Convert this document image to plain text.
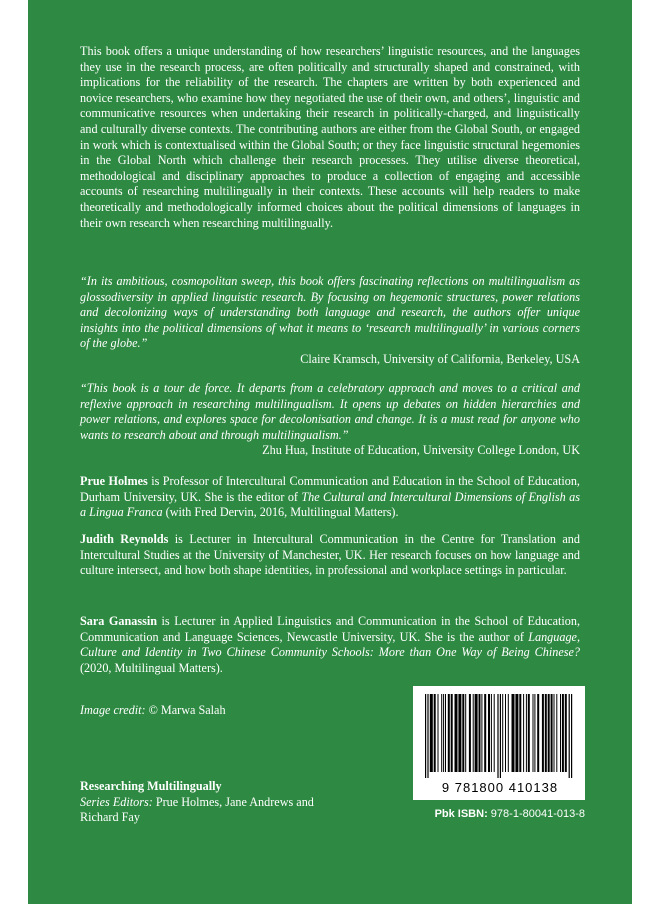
This book offers a unique understanding of how researchers’ linguistic resources, and the languages they use in the research process, are often politically and structurally shaped and constrained, with implications for the reliability of the research. The chapters are written by both experienced and novice researchers, who examine how they negotiated the use of their own, and others’, linguistic and communicative resources when undertaking their research in politically-charged, and linguistically and culturally diverse contexts. The contributing authors are either from the Global South, or engaged in work which is contextualised within the Global South; or they face linguistic structural hegemonies in the Global North which challenge their research processes. They utilise diverse theoretical, methodological and disciplinary approaches to produce a collection of engaging and accessible accounts of researching multilingually in their contexts. These accounts will help readers to make theoretically and methodologically informed choices about the political dimensions of languages in their own research when researching multilingually.

“In its ambitious, cosmopolitan sweep, this book offers fascinating reflections on multilingualism as glossodiversity in applied linguistic research. By focusing on hegemonic structures, power relations and decolonizing ways of understanding both language and research, the authors offer unique insights into the political dimensions of what it means to ‘research multilingually’ in various corners of the globe.”
Claire Kramsch, University of California, Berkeley, USA

“This book is a tour de force. It departs from a celebratory approach and moves to a critical and reflexive approach in researching multilingualism. It opens up debates on hidden hierarchies and power relations, and explores space for decolonisation and change. It is a must read for anyone who wants to research about and through multilingualism.”
Zhu Hua, Institute of Education, University College London, UK

Prue Holmes is Professor of Intercultural Communication and Education in the School of Education, Durham University, UK. She is the editor of The Cultural and Intercultural Dimensions of English as a Lingua Franca (with Fred Dervin, 2016, Multilingual Matters).

Judith Reynolds is Lecturer in Intercultural Communication in the Centre for Translation and Intercultural Studies at the University of Manchester, UK. Her research focuses on how language and culture intersect, and how both shape identities, in professional and workplace settings in particular.

Sara Ganassin is Lecturer in Applied Linguistics and Communication in the School of Education, Communication and Language Sciences, Newcastle University, UK. She is the author of Language, Culture and Identity in Two Chinese Community Schools: More than One Way of Being Chinese? (2020, Multilingual Matters).

Image credit: © Marwa Salah
Researching Multilingually
Series Editors: Prue Holmes, Jane Andrews and
Richard Fay
9 781800 410138
Pbk ISBN: 978-1-80041-013-8
